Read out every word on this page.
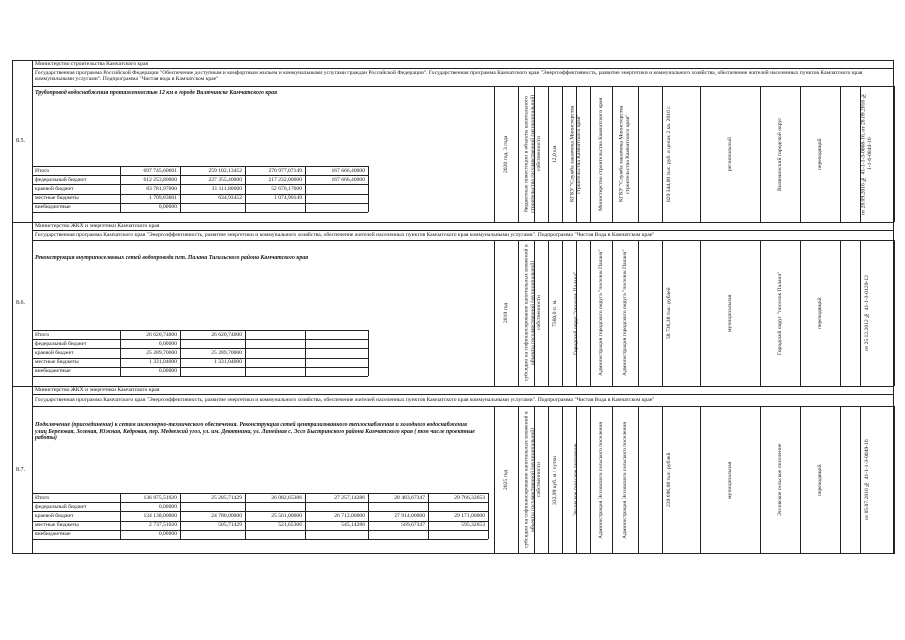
Министерство строительства Камчатского края
Государственная программа Российской Федерации "Обеспечение доступным и комфортным жильем и коммунальными услугами граждан Российской Федерации". Государственная программа Камчатского края "Энергоэффективность, развитие энергетики и коммунального хозяйства, обеспечение жителей населенных пунктов Камчатского края коммунальными услугами". Подпрограмма "Чистая вода в Камчатском крае"
Трубопровод водоснабжения протяженностью 12 км в городе Вилючинске Камчатского края
8.5.
Итого	697 745,60601	259 102,13452	270 977,07149	167 666,40000
федеральный бюджет	612 253,80000	227 355,40000	217 232,00000	167 666,40000
краевой бюджет	83 781,97000	31 111,80000	52 670,17000
местные бюджеты	1 709,83601	634,93452	1 074,90149
внебюджетные	0,00000
Министерство ЖКХ и энергетики Камчатского края
Государственная программа Камчатского края "Энергоэффективность, развитие энергетики и коммунального хозяйства, обеспечение жителей населенных пунктов Камчатского края коммунальными услугами". Подпрограмма "Чистая Вода в Камчатском крае"
Реконструкция внутрипоселковых сетей водопровода пгт. Палана Тигильского района Камчатского края
8.6.
Итого	26 620,74000	26 620,74000
федеральный бюджет	0,00000
краевой бюджет	25 289,70000	25 289,70000
местные бюджеты	1 331,04000	1 331,04000
внебюджетные	0,00000
Министерство ЖКХ и энергетики Камчатского края
Государственная программа Камчатского края "Энергоэффективность, развитие энергетики и коммунального хозяйства, обеспечение жителей населенных пунктов Камчатского края коммунальными услугами". Подпрограмма "Чистая Вода в Камчатском крае"
Подключение (присоединение) к сетям инженерно-технического обеспечения. Реконструкция сетей централизованного теплоснабжения и холодного водоснабжения улиц Березовая, Зеленая, Южная, Кедровая, пер. Медвежий угол, ул. им. Девятнина, ул. Линейная с. Эссо Быстринского района Камчатского края ( том числе проектные работы)
8.7.
Итого	136 875,51020	25 285,71429	26 082,65306	27 257,14286	28 483,67347	29 766,32653
федеральный бюджет	0,00000
краевой бюджет	134 138,00000	24 780,00000	25 561,00000	26 712,00000	27 914,00000	29 171,00000
местные бюджеты	2 737,51020	505,71429	521,65306	545,14286	569,67347	595,32653
внебюджетные	0,00000
2020 год, 3 года	бюджетные инвестиции в объекты капитального строительства государственной (муниципальной) собственности	12,0 км	КГКУ "Служба заказчика Министерства строительства Камчатского края"	Министерство строительства Камчатского края	КГКУ "Служба заказчика Министерства строительства Камчатского края"	829 344,00 тыс. руб. в ценах 2 кв. 2016 г.	региональный	Вилючинский городской округ	переходящий	от 28.09.2016 № 41-1-1-3-0068-16, от 28.09.2016 № 1-1-6-0044-16
2019 год	субсидии на софинансирование капитальных вложений в объекты государственной (муниципальной) собственности	7560,0 п. м.	Городской округ "поселок Палана"	Администрация городского округа "поселок Палана"	Администрация городского округа "поселок Палана"	58 736,38 тыс. рублей	муниципальная	Городской округ "поселок Палана"	переходящий	от 25.12.2012 № 41-1-3-0129-12
2025 год	субсидии на софинансирование капитальных вложений в объекты государственной (муниципальной) собственности	332,99 куб. м / сутки	Эссовское сельское поселение	Администрация Эссовского сельского поселения	Администрация Эссовского сельского поселения	239 696,08 тыс. рублей	муниципальная	Эссовское сельское поселение	переходящий	от 05.07.2016 № 41-1-1-3-0049-16
